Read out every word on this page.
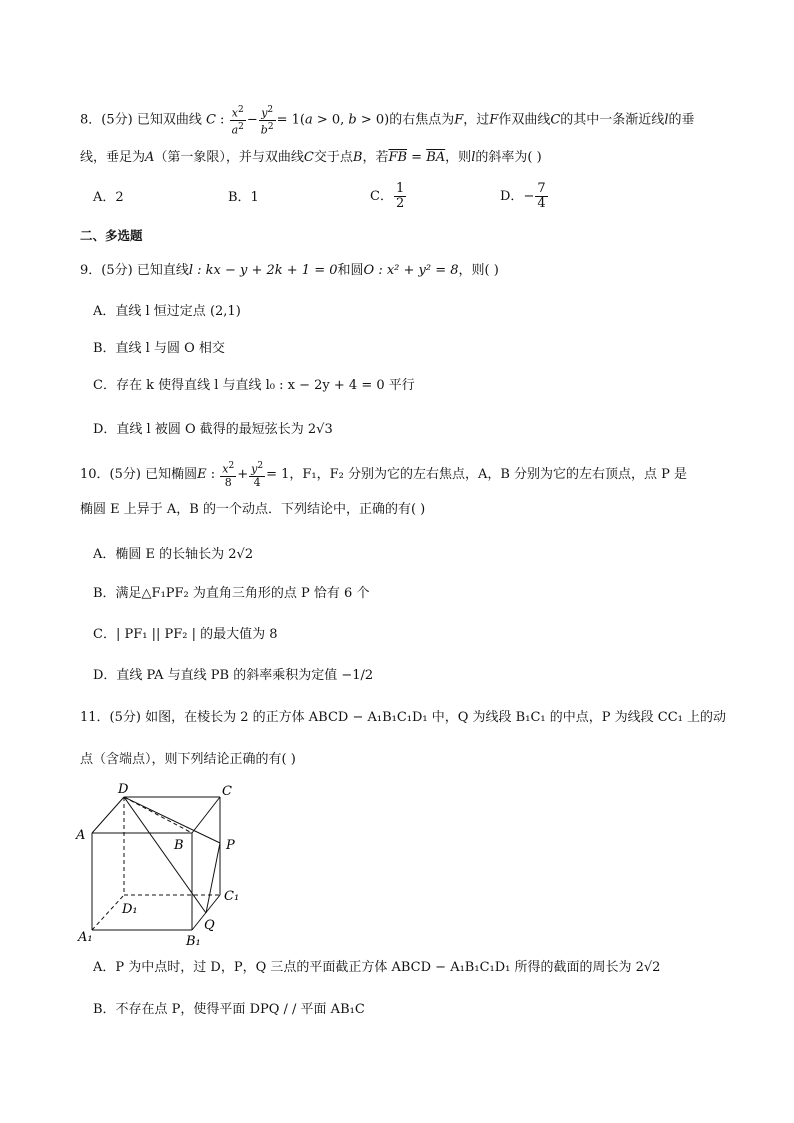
8．(5分) 已知双曲线 C : $\frac{x^2}{a^2} - \frac{y^2}{b^2} = 1(a > 0$, b > 0)的右焦点为F，过F作双曲线C的其中一条渐近线l的垂
线，垂足为A（第一象限），并与双曲线C交于点B，若$\overline{FB} = \overline{BA}$，则l的斜率为( )
A．2	B．1	C． $\frac{1}{2}$	D．− $\frac{7}{4}$
二、多选题
9．(5分) 已知直线l : kx − y + 2k + 1 = 0和圆O : x² + y² = 8，则( )
A．直线 l 恒过定点 (2,1)
B．直线 l 与圆 O 相交
C．存在 k 使得直线 l 与直线 l₀ : x − 2y + 4 = 0 平行
D．直线 l 被圆 O 截得的最短弦长为 2√3
10．(5分) 已知椭圆E : $\frac{x^2}{8} + \frac{y^2}{4} = 1$，F₁，F₂ 分别为它的左右焦点，A，B 分别为它的左右顶点，点 P 是
椭圆 E 上异于 A，B 的一个动点．下列结论中，正确的有( )
A．椭圆 E 的长轴长为 2√2
B．满足△F₁PF₂ 为直角三角形的点 P 恰有 6 个
C．| PF₁ || PF₂ | 的最大值为 8
D．直线 PA 与直线 PB 的斜率乘积为定值 −1/2
11．(5分) 如图，在棱长为 2 的正方体 ABCD − A₁B₁C₁D₁ 中，Q 为线段 B₁C₁ 的中点，P 为线段 CC₁ 上的动
点（含端点），则下列结论正确的有( )
D	C
A
B	P
C₁
D₁
Q
A₁	B₁
A．P 为中点时，过 D，P，Q 三点的平面截正方体 ABCD − A₁B₁C₁D₁ 所得的截面的周长为 2√2
B．不存在点 P，使得平面 DPQ / / 平面 AB₁C
